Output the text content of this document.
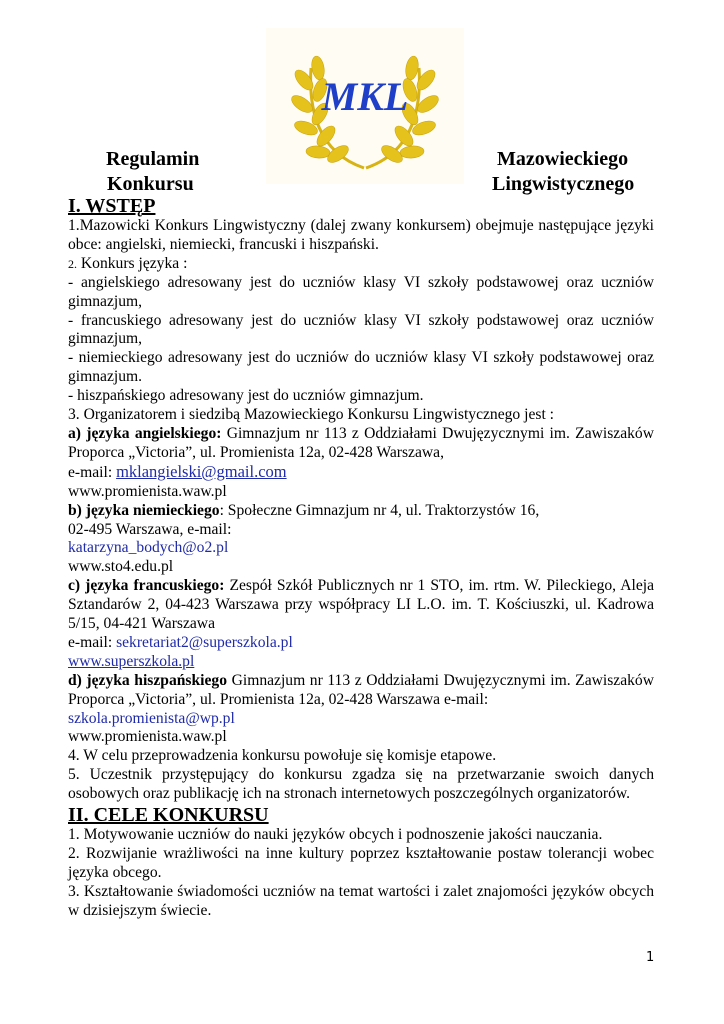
MKL
Regulamin
Konkursu
Mazowieckiego
Lingwistycznego
I. WSTĘP

1.Mazowicki Konkurs Lingwistyczny (dalej zwany konkursem) obejmuje następujące języki obce: angielski, niemiecki, francuski i hiszpański.

2. Konkurs języka :

- angielskiego adresowany jest do uczniów klasy VI szkoły podstawowej oraz uczniów gimnazjum,

- francuskiego adresowany jest do uczniów klasy VI szkoły podstawowej oraz uczniów gimnazjum,

- niemieckiego adresowany jest do uczniów do uczniów klasy VI szkoły podstawowej oraz gimnazjum.

- hiszpańskiego adresowany jest do uczniów gimnazjum.

3. Organizatorem i siedzibą Mazowieckiego Konkursu Lingwistycznego jest :

a) języka angielskiego: Gimnazjum nr 113 z Oddziałami Dwujęzycznymi im. Zawiszaków Proporca „Victoria”, ul. Promienista 12a, 02-428 Warszawa,

e-mail: mklangielski@gmail.com

www.promienista.waw.pl

b) języka niemieckiego: Społeczne Gimnazjum nr 4, ul. Traktorzystów 16,

02-495 Warszawa, e-mail:

katarzyna_bodych@o2.pl

www.sto4.edu.pl

c) języka francuskiego: Zespół Szkół Publicznych nr 1 STO, im. rtm. W. Pileckiego, Aleja Sztandarów 2, 04-423 Warszawa przy współpracy LI L.O. im. T. Kościuszki, ul. Kadrowa 5/15, 04-421 Warszawa

e-mail: sekretariat2@superszkola.pl

www.superszkola.pl

d) języka hiszpańskiego Gimnazjum nr 113 z Oddziałami Dwujęzycznymi im. Zawiszaków Proporca „Victoria”, ul. Promienista 12a, 02-428 Warszawa e-mail:

szkola.promienista@wp.pl

www.promienista.waw.pl

4. W celu przeprowadzenia konkursu powołuje się komisje etapowe.

5. Uczestnik przystępujący do konkursu zgadza się na przetwarzanie swoich danych osobowych oraz publikację ich na stronach internetowych poszczególnych organizatorów.

II. CELE KONKURSU

1. Motywowanie uczniów do nauki języków obcych i podnoszenie jakości nauczania.

2. Rozwijanie wrażliwości na inne kultury poprzez kształtowanie postaw tolerancji wobec języka obcego.

3. Kształtowanie świadomości uczniów na temat wartości i zalet znajomości języków obcych w dzisiejszym świecie.

1
